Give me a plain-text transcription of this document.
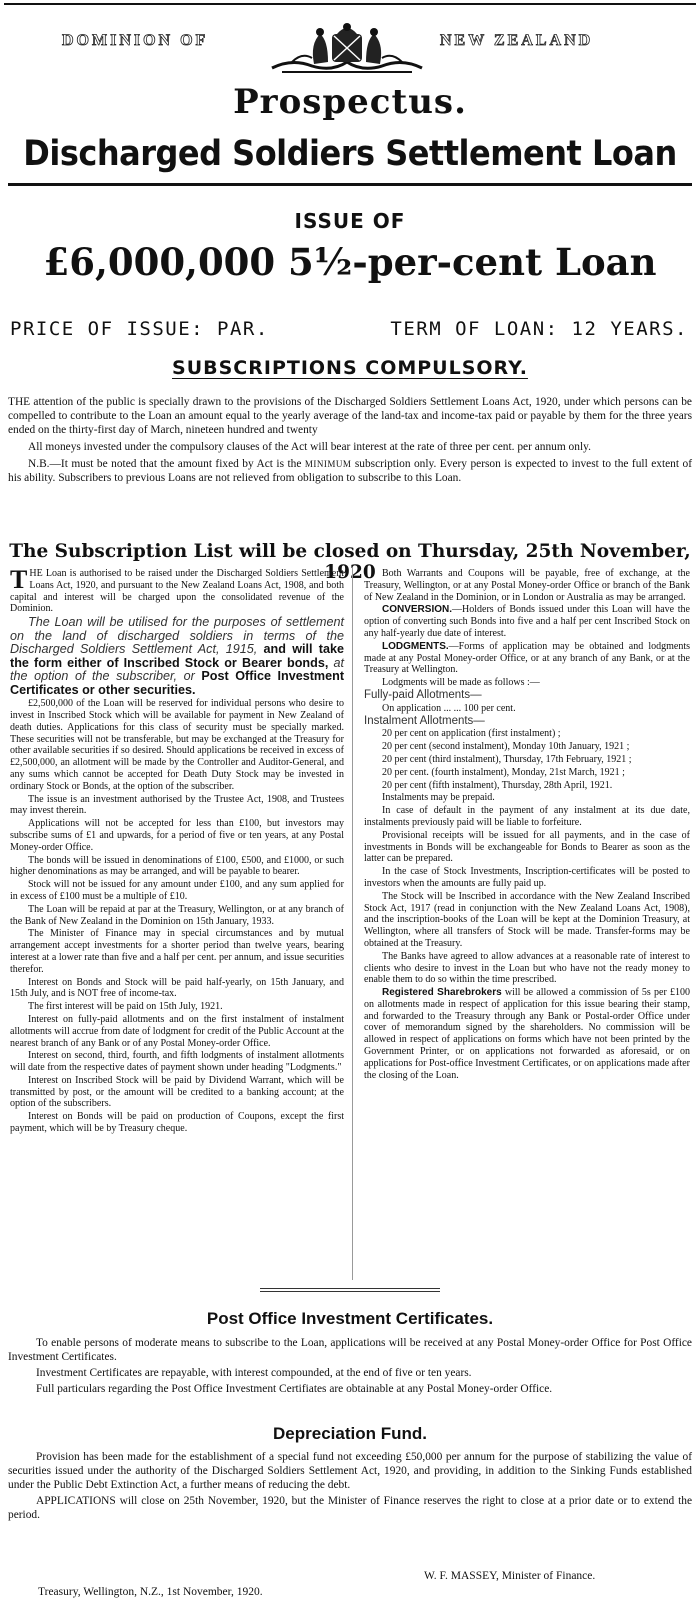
DOMINION OF	NEW ZEALAND
Prospectus.
Discharged Soldiers Settlement Loan
ISSUE OF
£6,000,000 5½-per-cent Loan
PRICE OF ISSUE: PAR.	TERM OF LOAN: 12 YEARS.
SUBSCRIPTIONS COMPULSORY.

THE attention of the public is specially drawn to the provisions of the Discharged Soldiers Settlement Loans Act, 1920, under which persons can be compelled to contribute to the Loan an amount equal to the yearly average of the land-tax and income-tax paid or payable by them for the three years ended on the thirty-first day of March, nineteen hundred and twenty

All moneys invested under the compulsory clauses of the Act will bear interest at the rate of three per cent. per annum only.

N.B.—It must be noted that the amount fixed by Act is the MINIMUM subscription only. Every person is expected to invest to the full extent of his ability. Subscribers to previous Loans are not relieved from obligation to subscribe to this Loan.

The Subscription List will be closed on Thursday, 25th November, 1920

THE Loan is authorised to be raised under the Discharged Soldiers Settlement Loans Act, 1920, and pursuant to the New Zealand Loans Act, 1908, and both capital and interest will be charged upon the consolidated revenue of the Dominion.

The Loan will be utilised for the purposes of settlement on the land of discharged soldiers in terms of the Discharged Soldiers Settlement Act, 1915, and will take the form either of Inscribed Stock or Bearer bonds, at the option of the subscriber, or Post Office Investment Certificates or other securities.

£2,500,000 of the Loan will be reserved for individual persons who desire to invest in Inscribed Stock which will be available for payment in New Zealand of death duties. Applications for this class of security must be specially marked. These securities will not be transferable, but may be exchanged at the Treasury for other available securities if so desired. Should applications be received in excess of £2,500,000, an allotment will be made by the Controller and Auditor-General, and any sums which cannot be accepted for Death Duty Stock may be invested in ordinary Stock or Bonds, at the option of the subscriber.

The issue is an investment authorised by the Trustee Act, 1908, and Trustees may invest therein.

Applications will not be accepted for less than £100, but investors may subscribe sums of £1 and upwards, for a period of five or ten years, at any Postal Money-order Office.

The bonds will be issued in denominations of £100, £500, and £1000, or such higher denominations as may be arranged, and will be payable to bearer.

Stock will not be issued for any amount under £100, and any sum applied for in excess of £100 must be a multiple of £10.

The Loan will be repaid at par at the Treasury, Wellington, or at any branch of the Bank of New Zealand in the Dominion on 15th January, 1933.

The Minister of Finance may in special circumstances and by mutual arrangement accept investments for a shorter period than twelve years, bearing interest at a lower rate than five and a half per cent. per annum, and issue securities therefor.

Interest on Bonds and Stock will be paid half-yearly, on 15th January, and 15th July, and is NOT free of income-tax.

The first interest will be paid on 15th July, 1921.

Interest on fully-paid allotments and on the first instalment of instalment allotments will accrue from date of lodgment for credit of the Public Account at the nearest branch of any Bank or of any Postal Money-order Office.

Interest on second, third, fourth, and fifth lodgments of instalment allotments will date from the respective dates of payment shown under heading "Lodgments."

Interest on Inscribed Stock will be paid by Dividend Warrant, which will be transmitted by post, or the amount will be credited to a banking account; at the option of the subscribers.

Interest on Bonds will be paid on production of Coupons, except the first payment, which will be by Treasury cheque.

Both Warrants and Coupons will be payable, free of exchange, at the Treasury, Wellington, or at any Postal Money-order Office or branch of the Bank of New Zealand in the Dominion, or in London or Australia as may be arranged.

CONVERSION.—Holders of Bonds issued under this Loan will have the option of converting such Bonds into five and a half per cent Inscribed Stock on any half-yearly due date of interest.

LODGMENTS.—Forms of application may be obtained and lodgments made at any Postal Money-order Office, or at any branch of any Bank, or at the Treasury at Wellington.

Lodgments will be made as follows :—

Fully-paid Allotments—

On application ... ... 100 per cent.

Instalment Allotments—

20 per cent on application (first instalment) ;

20 per cent (second instalment), Monday 10th January, 1921 ;

20 per cent (third instalment), Thursday, 17th February, 1921 ;

20 per cent. (fourth instalment), Monday, 21st March, 1921 ;

20 per cent (fifth instalment), Thursday, 28th April, 1921.

Instalments may be prepaid.

In case of default in the payment of any instalment at its due date, instalments previously paid will be liable to forfeiture.

Provisional receipts will be issued for all payments, and in the case of investments in Bonds will be exchangeable for Bonds to Bearer as soon as the latter can be prepared.

In the case of Stock Investments, Inscription-certificates will be posted to investors when the amounts are fully paid up.

The Stock will be Inscribed in accordance with the New Zealand Inscribed Stock Act, 1917 (read in conjunction with the New Zealand Loans Act, 1908), and the inscription-books of the Loan will be kept at the Dominion Treasury, at Wellington, where all transfers of Stock will be made. Transfer-forms may be obtained at the Treasury.

The Banks have agreed to allow advances at a reasonable rate of interest to clients who desire to invest in the Loan but who have not the ready money to enable them to do so within the time prescribed.

Registered Sharebrokers will be allowed a commission of 5s per £100 on allotments made in respect of application for this issue bearing their stamp, and forwarded to the Treasury through any Bank or Postal-order Office under cover of memorandum signed by the shareholders. No commission will be allowed in respect of applications on forms which have not been printed by the Government Printer, or on applications not forwarded as aforesaid, or on applications for Post-office Investment Certificates, or on applications made after the closing of the Loan.

Post Office Investment Certificates.

To enable persons of moderate means to subscribe to the Loan, applications will be received at any Postal Money-order Office for Post Office Investment Certificates.

Investment Certificates are repayable, with interest compounded, at the end of five or ten years.

Full particulars regarding the Post Office Investment Certifiates are obtainable at any Postal Money-order Office.

Depreciation Fund.

Provision has been made for the establishment of a special fund not exceeding £50,000 per annum for the purpose of stabilizing the value of securities issued under the authority of the Discharged Soldiers Settlement Act, 1920, and providing, in addition to the Sinking Funds established under the Public Debt Extinction Act, a further means of reducing the debt.

APPLICATIONS will close on 25th November, 1920, but the Minister of Finance reserves the right to close at a prior date or to extend the period.

W. F. MASSEY, Minister of Finance.
Treasury, Wellington, N.Z., 1st November, 1920.
